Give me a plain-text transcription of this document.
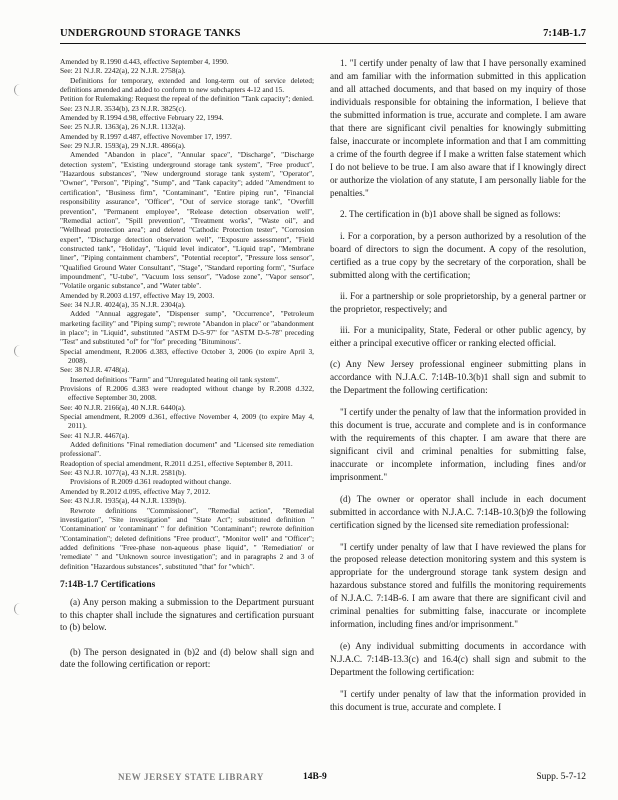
UNDERGROUND STORAGE TANKS	7:14B-1.7

Amended by R.1990 d.443, effective September 4, 1990.

See: 21 N.J.R. 2242(a), 22 N.J.R. 2758(a).

Definitions for temporary, extended and long-term out of service deleted; definitions amended and added to conform to new subchapters 4-12 and 15.

Petition for Rulemaking: Request the repeal of the definition "Tank capacity"; denied.

See: 23 N.J.R. 3534(b), 23 N.J.R. 3825(c).

Amended by R.1994 d.98, effective February 22, 1994.

See: 25 N.J.R. 1363(a), 26 N.J.R. 1132(a).

Amended by R.1997 d.487, effective November 17, 1997.

See: 29 N.J.R. 1593(a), 29 N.J.R. 4866(a).

Amended "Abandon in place", "Annular space", "Discharge", "Discharge detection system", "Existing underground storage tank system", "Free product", "Hazardous substances", "New underground storage tank system", "Operator", "Owner", "Person", "Piping", "Sump", and "Tank capacity"; added "Amendment to certification", "Business firm", "Contaminant", "Entire piping run", "Financial responsibility assurance", "Officer", "Out of service storage tank", "Overfill prevention", "Permanent employee", "Release detection observation well", "Remedial action", "Spill prevention", "Treatment works", "Waste oil", and "Wellhead protection area"; and deleted "Cathodic Protection tester", "Corrosion expert", "Discharge detection observation well", "Exposure assessment", "Field constructed tank", "Holiday", "Liquid level indicator", "Liquid trap", "Membrane liner", "Piping containment chambers", "Potential receptor", "Pressure loss sensor", "Qualified Ground Water Consultant", "Stage", "Standard reporting form", "Surface impoundment", "U-tube", "Vacuum loss sensor", "Vadose zone", "Vapor sensor", "Volatile organic substance", and "Water table".

Amended by R.2003 d.197, effective May 19, 2003.

See: 34 N.J.R. 4024(a), 35 N.J.R. 2304(a).

Added "Annual aggregate", "Dispenser sump", "Occurrence", "Petroleum marketing facility" and "Piping sump"; rewrote "Abandon in place" or "abandonment in place"; in "Liquid", substituted "ASTM D-5-97" for "ASTM D-5-78" preceding "Test" and substituted "of" for "for" preceding "Bituminous".

Special amendment, R.2006 d.383, effective October 3, 2006 (to expire April 3, 2008).

See: 38 N.J.R. 4748(a).

Inserted definitions "Farm" and "Unregulated heating oil tank system".

Provisions of R.2006 d.383 were readopted without change by R.2008 d.322, effective September 30, 2008.

See: 40 N.J.R. 2166(a), 40 N.J.R. 6440(a).

Special amendment, R.2009 d.361, effective November 4, 2009 (to expire May 4, 2011).

See: 41 N.J.R. 4467(a).

Added definitions "Final remediation document" and "Licensed site remediation professional".

Readoption of special amendment, R.2011 d.251, effective September 8, 2011.

See: 43 N.J.R. 1077(a), 43 N.J.R. 2581(b).

Provisions of R.2009 d.361 readopted without change.

Amended by R.2012 d.095, effective May 7, 2012.

See: 43 N.J.R. 1935(a), 44 N.J.R. 1339(b).

Rewrote definitions "Commissioner", "Remedial action", "Remedial investigation", "Site investigation" and "State Act"; substituted definition " 'Contamination' or 'contaminant' " for definition "Contaminant"; rewrote definition "Contamination"; deleted definitions "Free product", "Monitor well" and "Officer"; added definitions "Free-phase non-aqueous phase liquid", " 'Remediation' or 'remediate' " and "Unknown source investigation"; and in paragraphs 2 and 3 of definition "Hazardous substances", substituted "that" for "which".

7:14B-1.7 Certifications

(a) Any person making a submission to the Department pursuant to this chapter shall include the signatures and certification pursuant to (b) below.

(b) The person designated in (b)2 and (d) below shall sign and date the following certification or report:

1. "I certify under penalty of law that I have personally examined and am familiar with the information submitted in this application and all attached documents, and that based on my inquiry of those individuals responsible for obtaining the information, I believe that the submitted information is true, accurate and complete. I am aware that there are significant civil penalties for knowingly submitting false, inaccurate or incomplete information and that I am committing a crime of the fourth degree if I make a written false statement which I do not believe to be true. I am also aware that if I knowingly direct or authorize the violation of any statute, I am personally liable for the penalties."

2. The certification in (b)1 above shall be signed as follows:

i. For a corporation, by a person authorized by a resolution of the board of directors to sign the document. A copy of the resolution, certified as a true copy by the secretary of the corporation, shall be submitted along with the certification;

ii. For a partnership or sole proprietorship, by a general partner or the proprietor, respectively; and

iii. For a municipality, State, Federal or other public agency, by either a principal executive officer or ranking elected official.

(c) Any New Jersey professional engineer submitting plans in accordance with N.J.A.C. 7:14B-10.3(b)1 shall sign and submit to the Department the following certification:

"I certify under the penalty of law that the information provided in this document is true, accurate and complete and is in conformance with the requirements of this chapter. I am aware that there are significant civil and criminal penalties for submitting false, inaccurate or incomplete information, including fines and/or imprisonment."

(d) The owner or operator shall include in each document submitted in accordance with N.J.A.C. 7:14B-10.3(b)9 the following certification signed by the licensed site remediation professional:

"I certify under penalty of law that I have reviewed the plans for the proposed release detection monitoring system and this system is appropriate for the underground storage tank system design and hazardous substance stored and fulfills the monitoring requirements of N.J.A.C. 7:14B-6. I am aware that there are significant civil and criminal penalties for submitting false, inaccurate or incomplete information, including fines and/or imprisonment."

(e) Any individual submitting documents in accordance with N.J.A.C. 7:14B-13.3(c) and 16.4(c) shall sign and submit to the Department the following certification:

"I certify under penalty of law that the information provided in this document is true, accurate and complete. I

NEW JERSEY STATE LIBRARY	14B-9	Supp. 5-7-12
